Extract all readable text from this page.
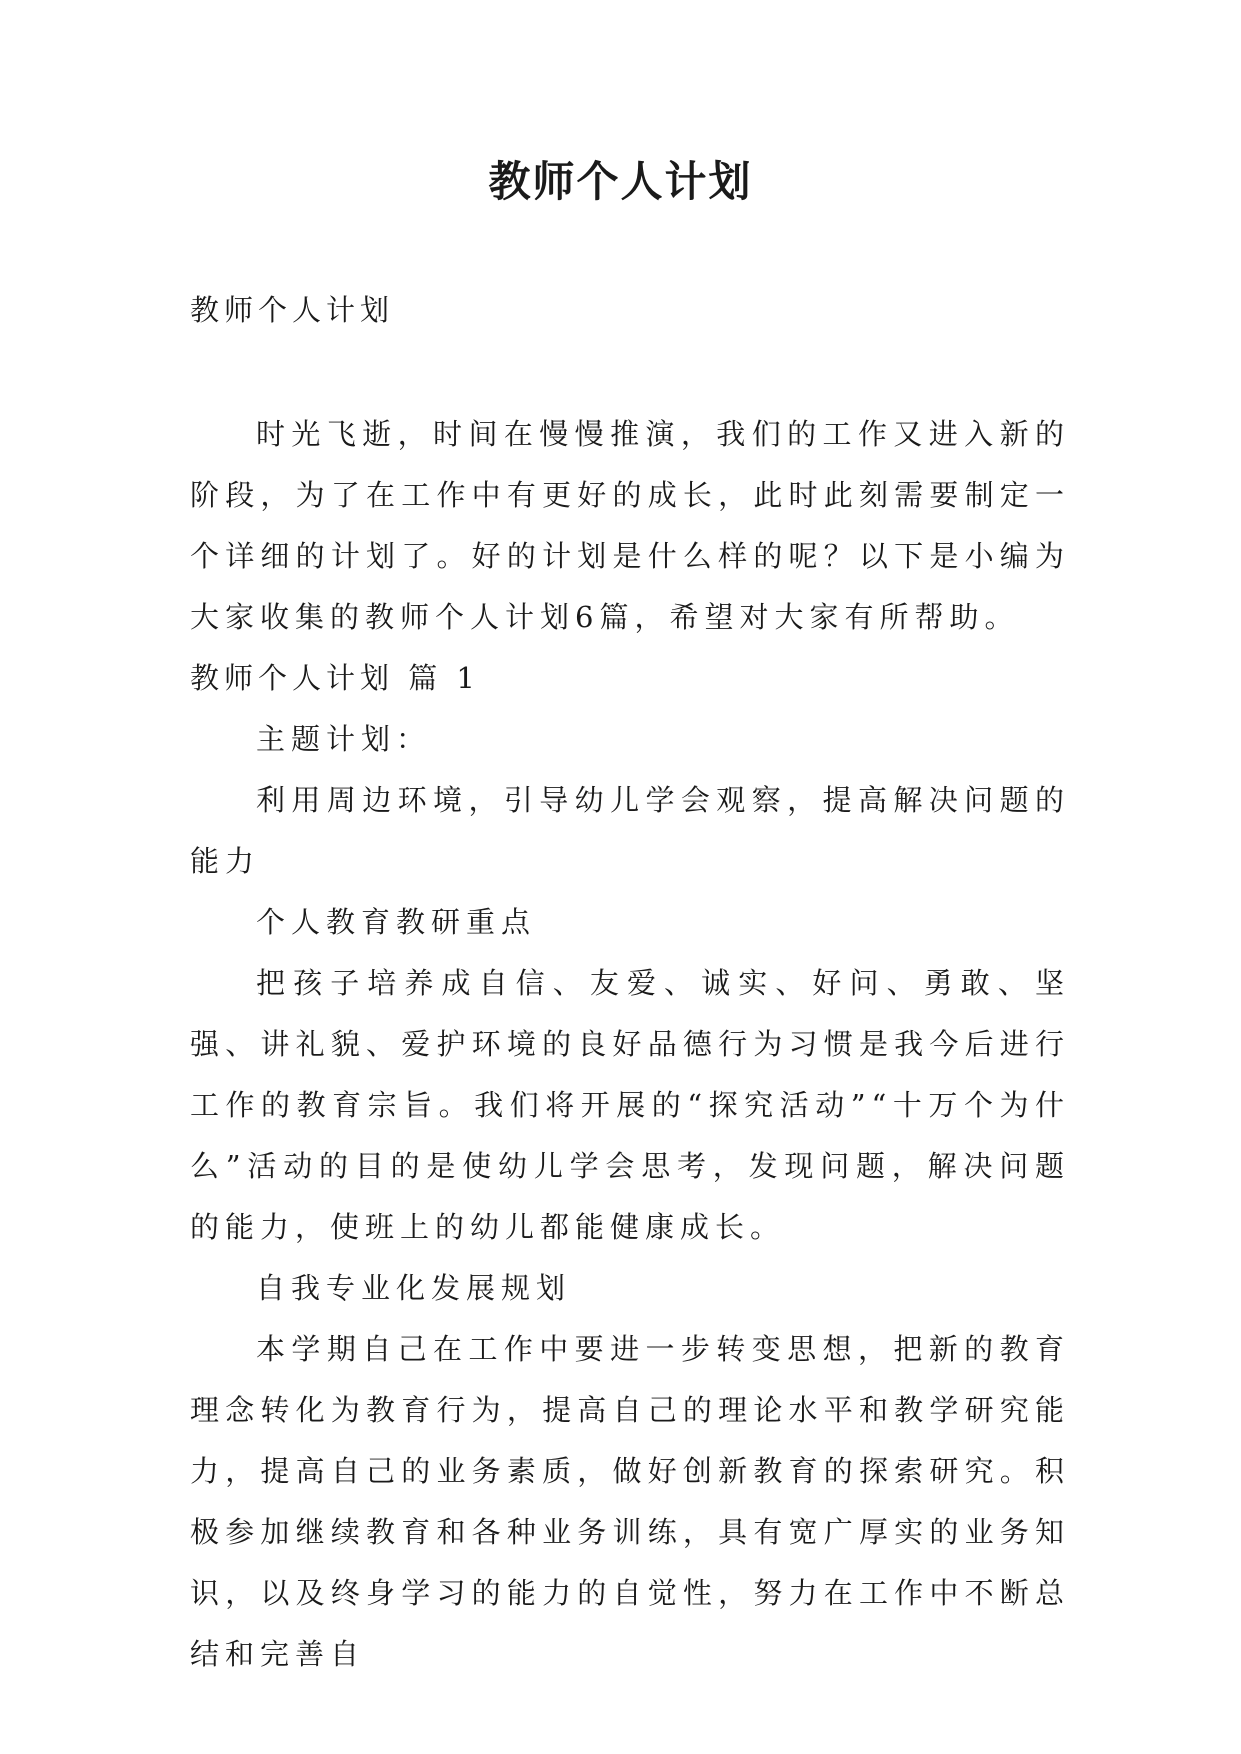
教师个人计划

教师个人计划

时光飞逝，时间在慢慢推演，我们的工作又进入新的阶段，为了在工作中有更好的成长，此时此刻需要制定一个详细的计划了。好的计划是什么样的呢？以下是小编为大家收集的教师个人计划6篇，希望对大家有所帮助。

教师个人计划 篇 1

主题计划：

利用周边环境，引导幼儿学会观察，提高解决问题的能力

个人教育教研重点

把孩子培养成自信、友爱、诚实、好问、勇敢、坚强、讲礼貌、爱护环境的良好品德行为习惯是我今后进行工作的教育宗旨。我们将开展的“探究活动”“十万个为什么”活动的目的是使幼儿学会思考，发现问题，解决问题的能力，使班上的幼儿都能健康成长。

自我专业化发展规划

本学期自己在工作中要进一步转变思想，把新的教育理念转化为教育行为，提高自己的理论水平和教学研究能力，提高自己的业务素质，做好创新教育的探索研究。积极参加继续教育和各种业务训练，具有宽广厚实的业务知识，以及终身学习的能力的自觉性，努力在工作中不断总结和完善自
